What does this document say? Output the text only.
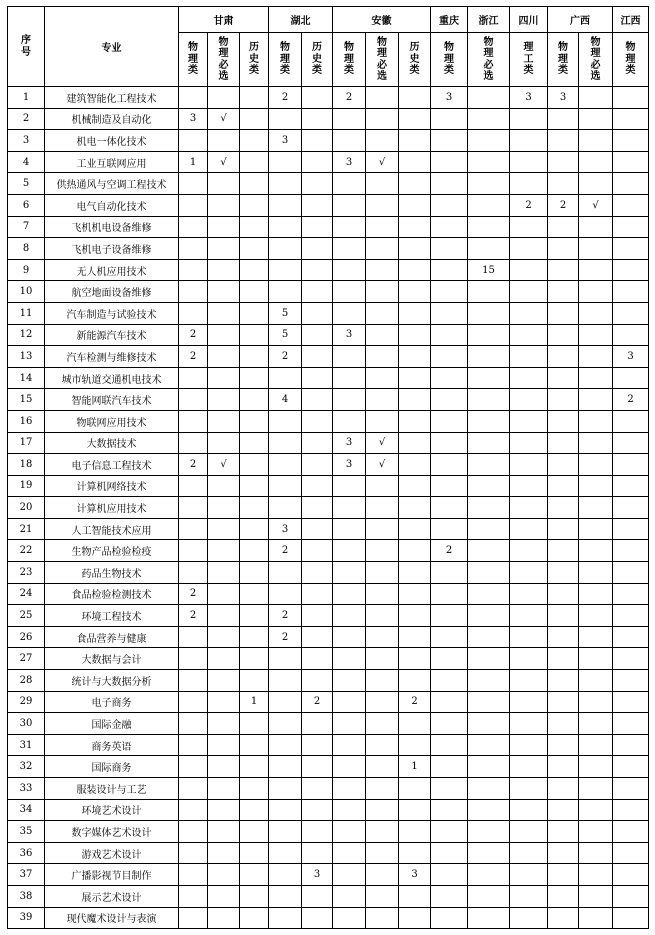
序
号	专业	甘肃			湖北		安徽			重庆	浙江	四川	广西		江西
		物理类	物理必选	历史类	物理类	历史类	物理类	物理必选	历史类	物理类	物理必选	理工类	物理类	物理必选	物理类
1	建筑智能化工程技术				2		2			3		3	3		
2	机械制造及自动化	3	√												
3	机电一体化技术				3										
4	工业互联网应用	1	√				3	√							
5	供热通风与空调工程技术														
6	电气自动化技术											2	2	√	
7	飞机机电设备维修														
8	飞机电子设备维修														
9	无人机应用技术										15				
10	航空地面设备维修														
11	汽车制造与试验技术				5										
12	新能源汽车技术	2			5		3								
13	汽车检测与维修技术	2			2										3
14	城市轨道交通机电技术														
15	智能网联汽车技术				4										2
16	物联网应用技术														
17	大数据技术						3	√							
18	电子信息工程技术	2	√				3	√							
19	计算机网络技术														
20	计算机应用技术														
21	人工智能技术应用				3										
22	生物产品检验检疫				2					2					
23	药品生物技术														
24	食品检验检测技术	2													
25	环境工程技术	2			2										
26	食品营养与健康				2										
27	大数据与会计														
28	统计与大数据分析														
29	电子商务			1		2			2						
30	国际金融														
31	商务英语														
32	国际商务								1						
33	服装设计与工艺														
34	环境艺术设计														
35	数字媒体艺术设计														
36	游戏艺术设计														
37	广播影视节目制作					3			3						
38	展示艺术设计														
39	现代魔术设计与表演														
